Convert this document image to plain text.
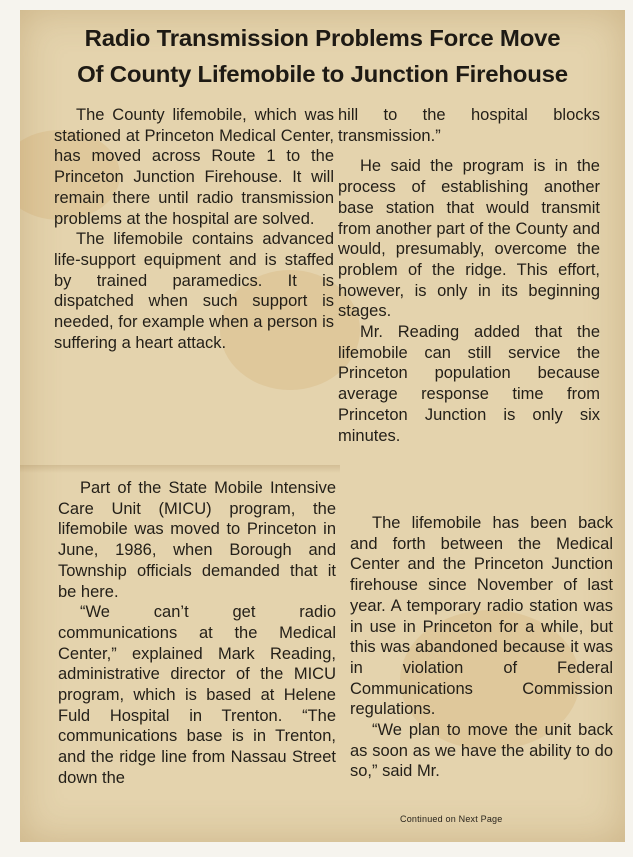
Radio Transmission Problems Force Move
Of County Lifemobile to Junction Firehouse

The County lifemobile, which was stationed at Princeton Medical Center, has moved across Route 1 to the Princeton Junction Firehouse. It will remain there until radio transmission problems at the hospital are solved.

The lifemobile contains advanced life-support equipment and is staffed by trained paramedics. It is dispatched when such support is needed, for example when a person is suffering a heart attack.

Part of the State Mobile Intensive Care Unit (MICU) program, the lifemobile was moved to Princeton in June, 1986, when Borough and Township officials demanded that it be here.

“We can’t get radio communications at the Medical Center,” explained Mark Reading, administrative director of the MICU program, which is based at Helene Fuld Hospital in Trenton. “The communications base is in Trenton, and the ridge line from Nassau Street down the

hill to the hospital blocks transmission.”

He said the program is in the process of establishing another base station that would transmit from another part of the County and would, presumably, overcome the problem of the ridge. This effort, however, is only in its beginning stages.

Mr. Reading added that the lifemobile can still service the Princeton population because average response time from Princeton Junction is only six minutes.

The lifemobile has been back and forth between the Medical Center and the Princeton Junction firehouse since November of last year. A temporary radio station was in use in Princeton for a while, but this was abandoned because it was in violation of Federal Communications Commission regulations.

“We plan to move the unit back as soon as we have the ability to do so,” said Mr.

Continued on Next Page
